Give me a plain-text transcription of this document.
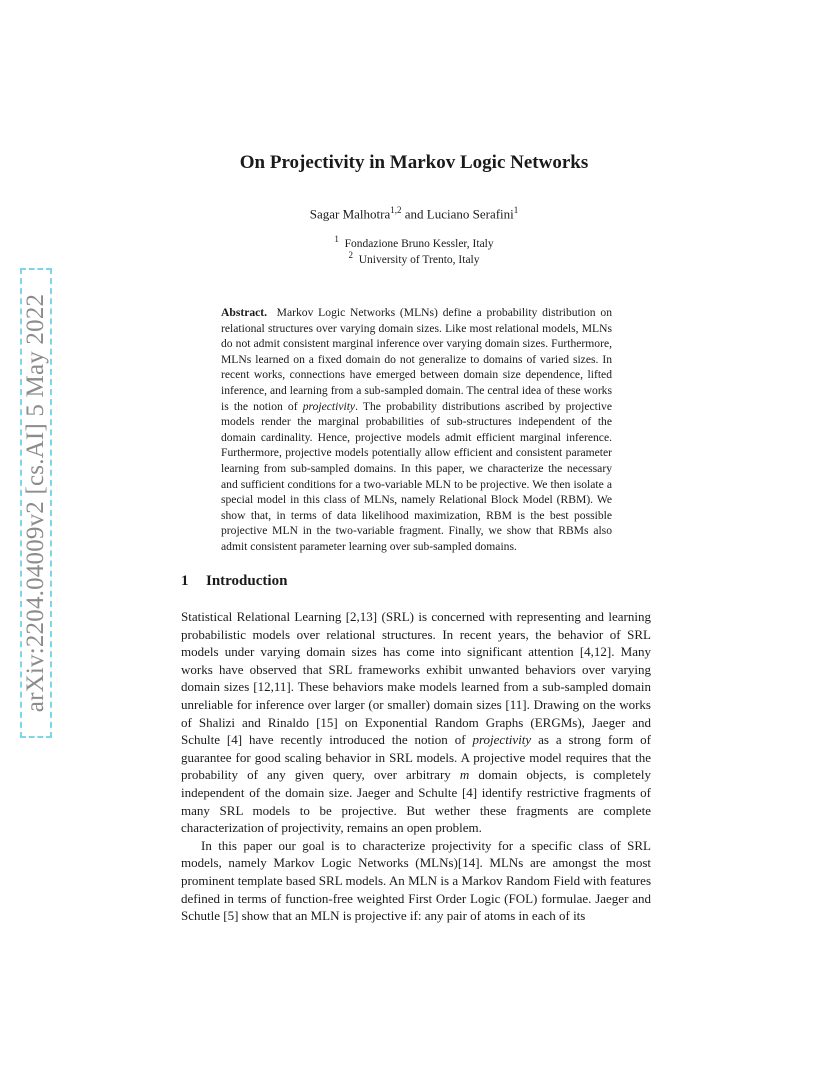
arXiv:2204.04009v2 [cs.AI] 5 May 2022
On Projectivity in Markov Logic Networks
Sagar Malhotra$^{1,2}$ and Luciano Serafini$^1$
$^1$ Fondazione Bruno Kessler, Italy
$^2$ University of Trento, Italy

Abstract. Markov Logic Networks (MLNs) define a probability distribution on relational structures over varying domain sizes. Like most relational models, MLNs do not admit consistent marginal inference over varying domain sizes. Furthermore, MLNs learned on a fixed domain do not generalize to domains of varied sizes. In recent works, connections have emerged between domain size dependence, lifted inference, and learning from a sub-sampled domain. The central idea of these works is the notion of projectivity. The probability distributions ascribed by projective models render the marginal probabilities of sub-structures independent of the domain cardinality. Hence, projective models admit efficient marginal inference. Furthermore, projective models potentially allow efficient and consistent parameter learning from sub-sampled domains. In this paper, we characterize the necessary and sufficient conditions for a two-variable MLN to be projective. We then isolate a special model in this class of MLNs, namely Relational Block Model (RBM). We show that, in terms of data likelihood maximization, RBM is the best possible projective MLN in the two-variable fragment. Finally, we show that RBMs also admit consistent parameter learning over sub-sampled domains.

1 Introduction

Statistical Relational Learning [2,13] (SRL) is concerned with representing and learning probabilistic models over relational structures. In recent years, the behavior of SRL models under varying domain sizes has come into significant attention [4,12]. Many works have observed that SRL frameworks exhibit unwanted behaviors over varying domain sizes [12,11]. These behaviors make models learned from a sub-sampled domain unreliable for inference over larger (or smaller) domain sizes [11]. Drawing on the works of Shalizi and Rinaldo [15] on Exponential Random Graphs (ERGMs), Jaeger and Schulte [4] have recently introduced the notion of projectivity as a strong form of guarantee for good scaling behavior in SRL models. A projective model requires that the probability of any given query, over arbitrary m domain objects, is completely independent of the domain size. Jaeger and Schulte [4] identify restrictive fragments of many SRL models to be projective. But wether these fragments are complete characterization of projectivity, remains an open problem.

In this paper our goal is to characterize projectivity for a specific class of SRL models, namely Markov Logic Networks (MLNs)[14]. MLNs are amongst the most prominent template based SRL models. An MLN is a Markov Random Field with features defined in terms of function-free weighted First Order Logic (FOL) formulae. Jaeger and Schutle [5] show that an MLN is projective if: any pair of atoms in each of its
